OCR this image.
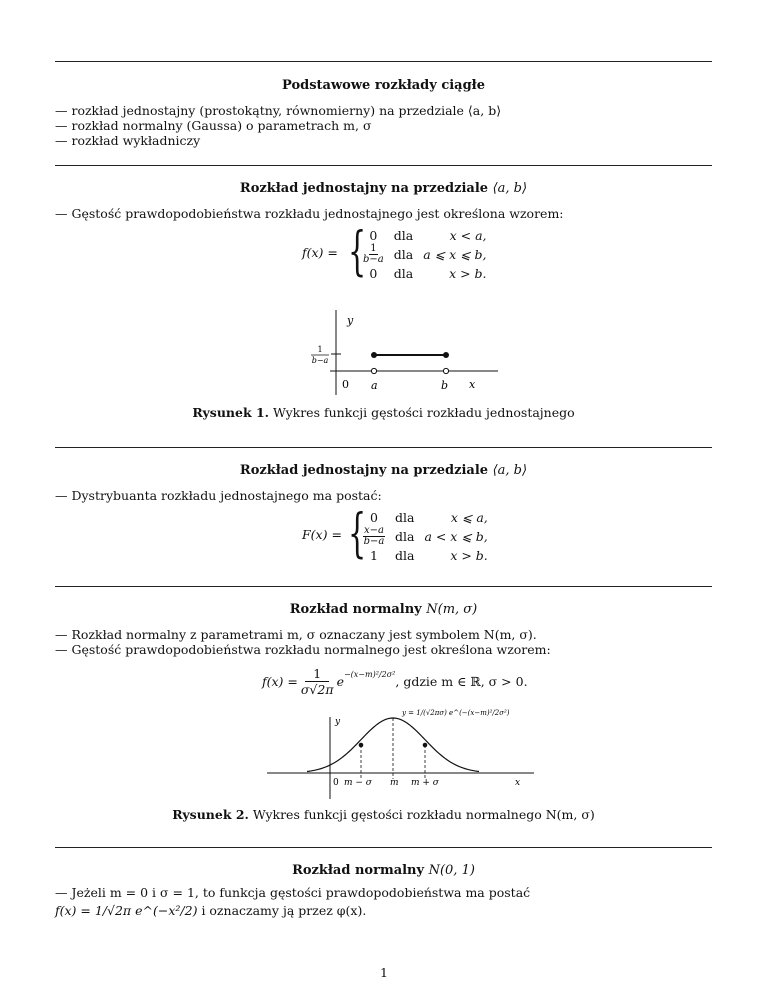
Podstawowe rozkłady ciągłe
— rozkład jednostajny (prostokątny, równomierny) na przedziale ⟨a, b⟩
— rozkład normalny (Gaussa) o parametrach m, σ
— rozkład wykładniczy
Rozkład jednostajny na przedziale ⟨a, b⟩
— Gęstość prawdopodobieństwa rozkładu jednostajnego jest określona wzorem:
f(x) = { 0	dla	x < a,

$\frac{1}{b-a}$	dla	a ⩽ x ⩽ b,
0	dla	x > b.
y
0 a	b x
1
b−a
Rysunek 1. Wykres funkcji gęstości rozkładu jednostajnego
Rozkład jednostajny na przedziale ⟨a, b⟩
— Dystrybuanta rozkładu jednostajnego ma postać:
F(x) = { 0	dla	x ⩽ a,

$\frac{x-a}{b-a}$	dla	a < x ⩽ b,
1	dla	x > b.
Rozkład normalny N(m, σ)
— Rozkład normalny z parametrami m, σ oznaczany jest symbolem N(m, σ).
— Gęstość prawdopodobieństwa rozkładu normalnego jest określona wzorem:
$f(x) = \frac{1}{\sigma√2\pi} e^{-(x-m)^2/2\sigma^2}$ , gdzie m ∈ ℝ, σ > 0.
y
0 m − σ m m + σ	x
y = 1/(√2πσ) e^(−(x−m)²/2σ²)
Rysunek 2. Wykres funkcji gęstości rozkładu normalnego N(m, σ)
Rozkład normalny N(0, 1)
— Jeżeli m = 0 i σ = 1, to funkcja gęstości prawdopodobieństwa ma postać
f(x) = 1/√2π e^(−x²/2) i oznaczamy ją przez φ(x).
1
